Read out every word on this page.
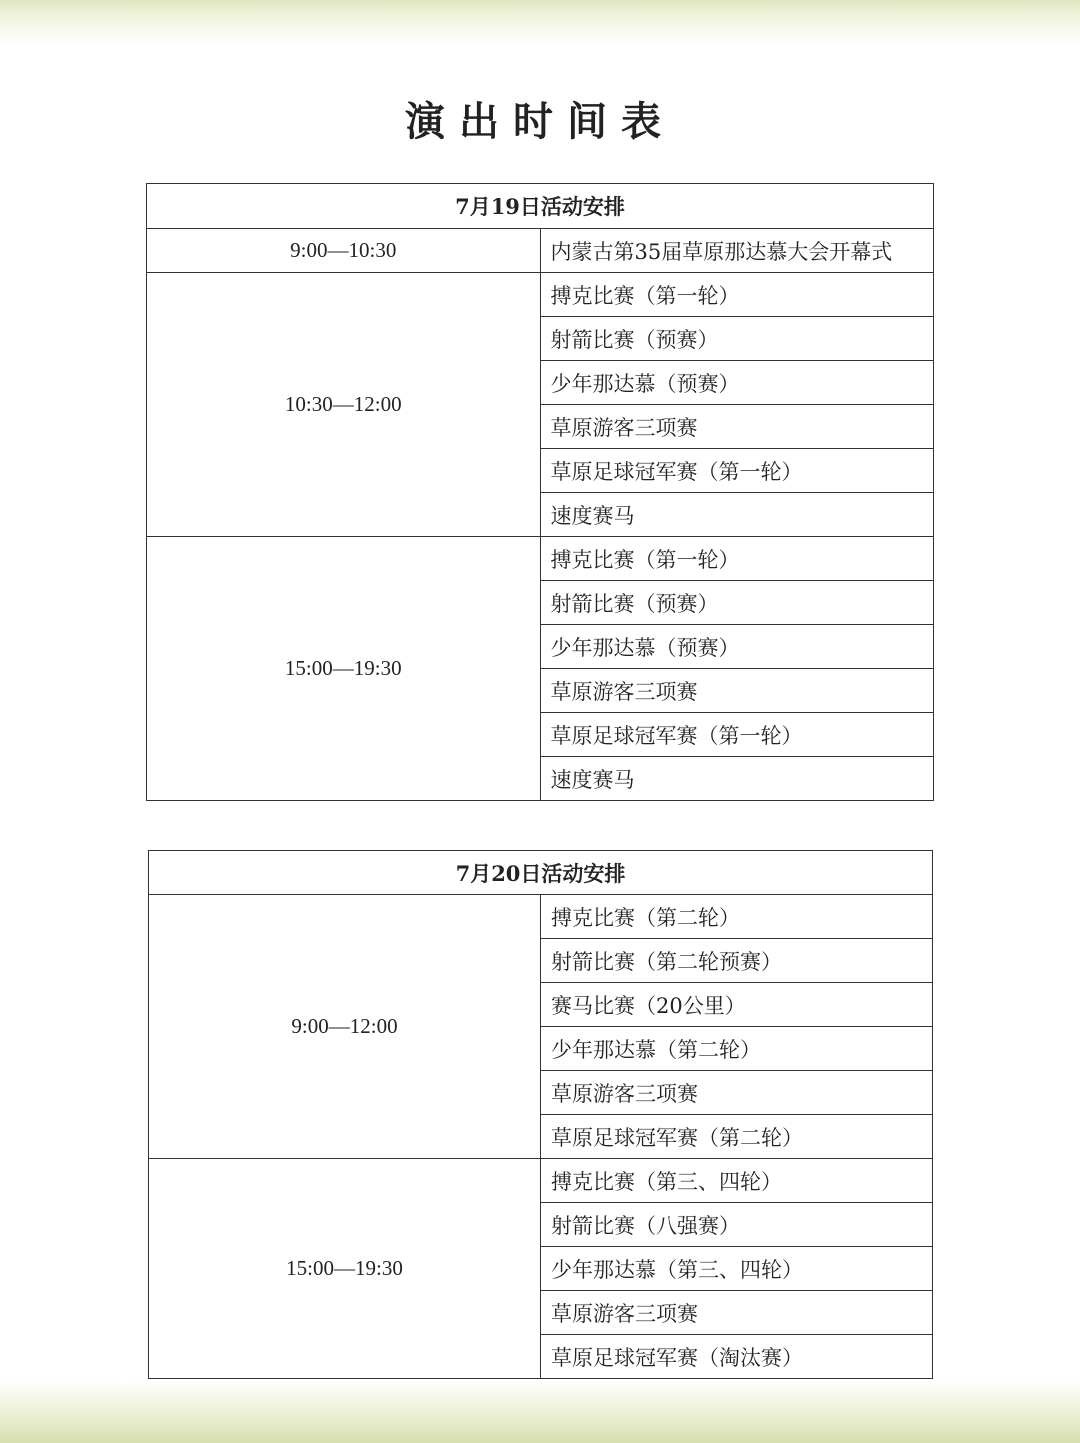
演出时间表
7月19日活动安排	
9:00—10:30	内蒙古第35届草原那达慕大会开幕式
10:30—12:00	搏克比赛（第一轮）
	射箭比赛（预赛）
	少年那达慕（预赛）
	草原游客三项赛
	草原足球冠军赛（第一轮）
	速度赛马
15:00—19:30	搏克比赛（第一轮）
	射箭比赛（预赛）
	少年那达慕（预赛）
	草原游客三项赛
	草原足球冠军赛（第一轮）
	速度赛马
7月20日活动安排	
9:00—12:00	搏克比赛（第二轮）
	射箭比赛（第二轮预赛）
	赛马比赛（20公里）
	少年那达慕（第二轮）
	草原游客三项赛
	草原足球冠军赛（第二轮）
15:00—19:30	搏克比赛（第三、四轮）
	射箭比赛（八强赛）
	少年那达慕（第三、四轮）
	草原游客三项赛
	草原足球冠军赛（淘汰赛）
